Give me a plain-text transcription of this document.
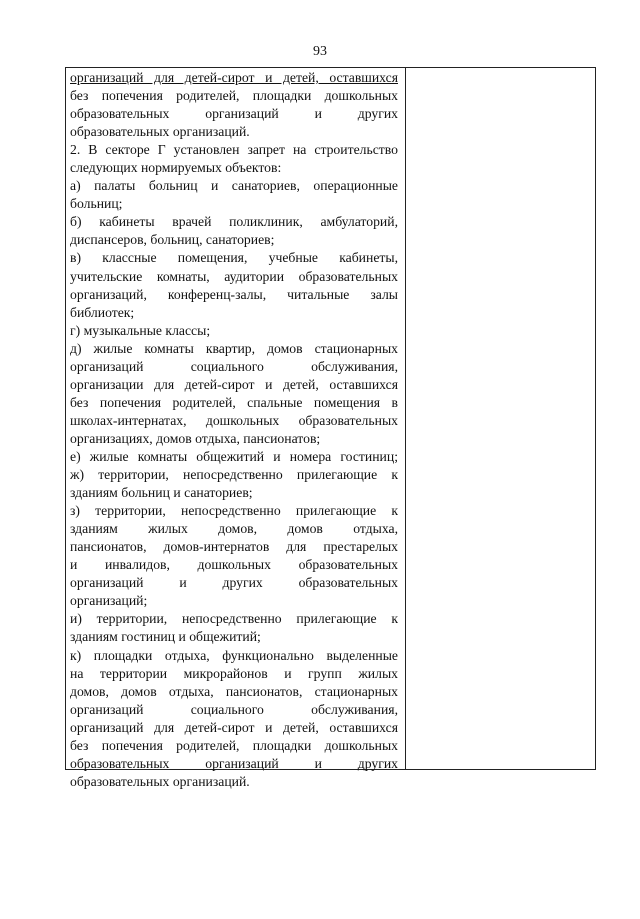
93
организаций для детей-сирот и детей, оставшихся
без попечения родителей, площадки дошкольных
образовательных организаций и других
образовательных организаций.
2. В секторе Г установлен запрет на строительство
следующих нормируемых объектов:
а) палаты больниц и санаториев, операционные
больниц;
б) кабинеты врачей поликлиник, амбулаторий,
диспансеров, больниц, санаториев;
в) классные помещения, учебные кабинеты,
учительские комнаты, аудитории образовательных
организаций, конференц-залы, читальные залы
библиотек;
г) музыкальные классы;
д) жилые комнаты квартир, домов стационарных
организаций социального обслуживания,
организации для детей-сирот и детей, оставшихся
без попечения родителей, спальные помещения в
школах-интернатах, дошкольных образовательных
организациях, домов отдыха, пансионатов;
е) жилые комнаты общежитий и номера гостиниц;
ж) территории, непосредственно прилегающие к
зданиям больниц и санаториев;
з) территории, непосредственно прилегающие к
зданиям жилых домов, домов отдыха,
пансионатов, домов-интернатов для престарелых
и инвалидов, дошкольных образовательных
организаций и других образовательных
организаций;
и) территории, непосредственно прилегающие к
зданиям гостиниц и общежитий;
к) площадки отдыха, функционально выделенные
на территории микрорайонов и групп жилых
домов, домов отдыха, пансионатов, стационарных
организаций социального обслуживания,
организаций для детей-сирот и детей, оставшихся
без попечения родителей, площадки дошкольных
образовательных организаций и других
образовательных организаций.
